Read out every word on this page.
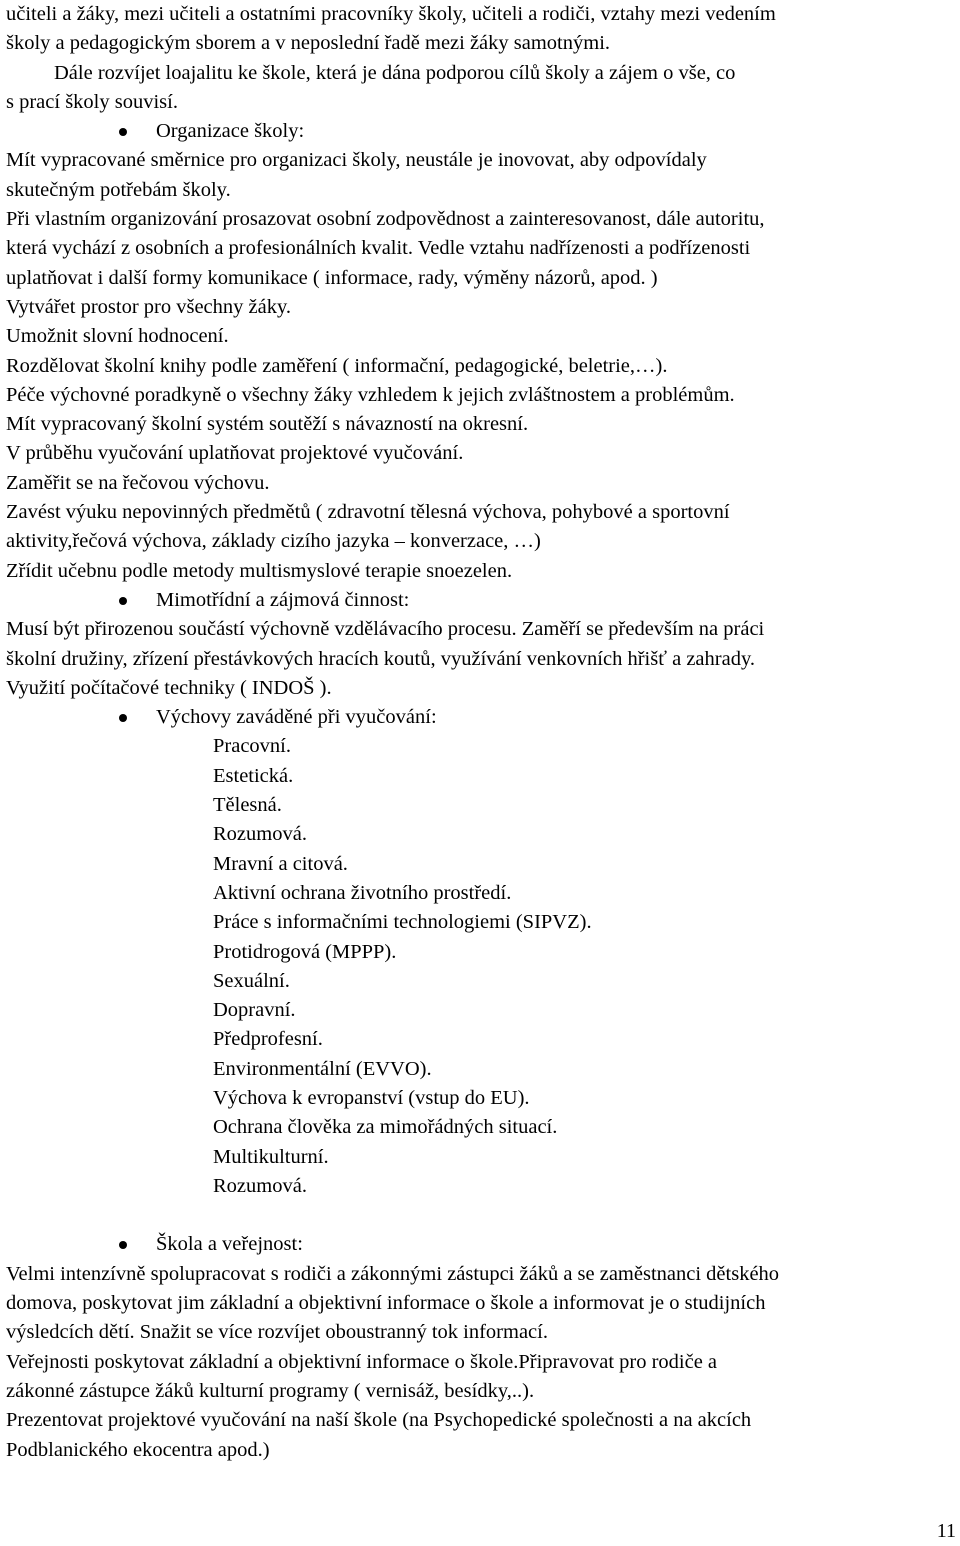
učiteli a žáky, mezi učiteli a ostatními pracovníky školy, učiteli a rodiči, vztahy mezi vedením
školy a pedagogickým sborem a v neposlední řadě mezi žáky samotnými.
Dále rozvíjet loajalitu ke škole, která je dána podporou cílů školy a zájem o vše, co
s prací školy souvisí.
Organizace školy:
Mít vypracované směrnice pro organizaci školy, neustále je inovovat, aby odpovídaly
skutečným potřebám školy.
Při vlastním organizování prosazovat osobní zodpovědnost a zainteresovanost, dále autoritu,
která vychází z osobních a profesionálních kvalit. Vedle vztahu nadřízenosti a podřízenosti
uplatňovat i další formy komunikace ( informace, rady, výměny názorů, apod. )
Vytvářet prostor pro všechny žáky.
Umožnit slovní hodnocení.
Rozdělovat školní knihy podle zaměření ( informační, pedagogické, beletrie,…).
Péče výchovné poradkyně o všechny žáky vzhledem k jejich zvláštnostem a problémům.
Mít vypracovaný školní systém soutěží s návazností na okresní.
V průběhu vyučování uplatňovat projektové vyučování.
Zaměřit se na řečovou výchovu.
Zavést výuku nepovinných předmětů ( zdravotní tělesná výchova, pohybové a sportovní
aktivity,řečová výchova, základy cizího jazyka – konverzace, …)
Zřídit učebnu podle metody multismyslové terapie snoezelen.
Mimotřídní a zájmová činnost:
Musí být přirozenou součástí výchovně vzdělávacího procesu. Zaměří se především na práci
školní družiny, zřízení přestávkových hracích koutů, využívání venkovních hřišť a zahrady.
Využití počítačové techniky ( INDOŠ ).
Výchovy zaváděné při vyučování:
Pracovní.
Estetická.
Tělesná.
Rozumová.
Mravní a citová.
Aktivní ochrana životního prostředí.
Práce s informačními technologiemi (SIPVZ).
Protidrogová (MPPP).
Sexuální.
Dopravní.
Předprofesní.
Environmentální (EVVO).
Výchova k evropanství (vstup do EU).
Ochrana člověka za mimořádných situací.
Multikulturní.
Rozumová.
Škola a veřejnost:
Velmi intenzívně spolupracovat s rodiči a zákonnými zástupci žáků a se zaměstnanci dětského
domova, poskytovat jim základní a objektivní informace o škole a informovat je o studijních
výsledcích dětí. Snažit se více rozvíjet oboustranný tok informací.
Veřejnosti poskytovat základní a objektivní informace o škole.Připravovat pro rodiče a
zákonné zástupce žáků kulturní programy ( vernisáž, besídky,..).
Prezentovat projektové vyučování na naší škole (na Psychopedické společnosti a na akcích
Podblanického ekocentra apod.)
11
